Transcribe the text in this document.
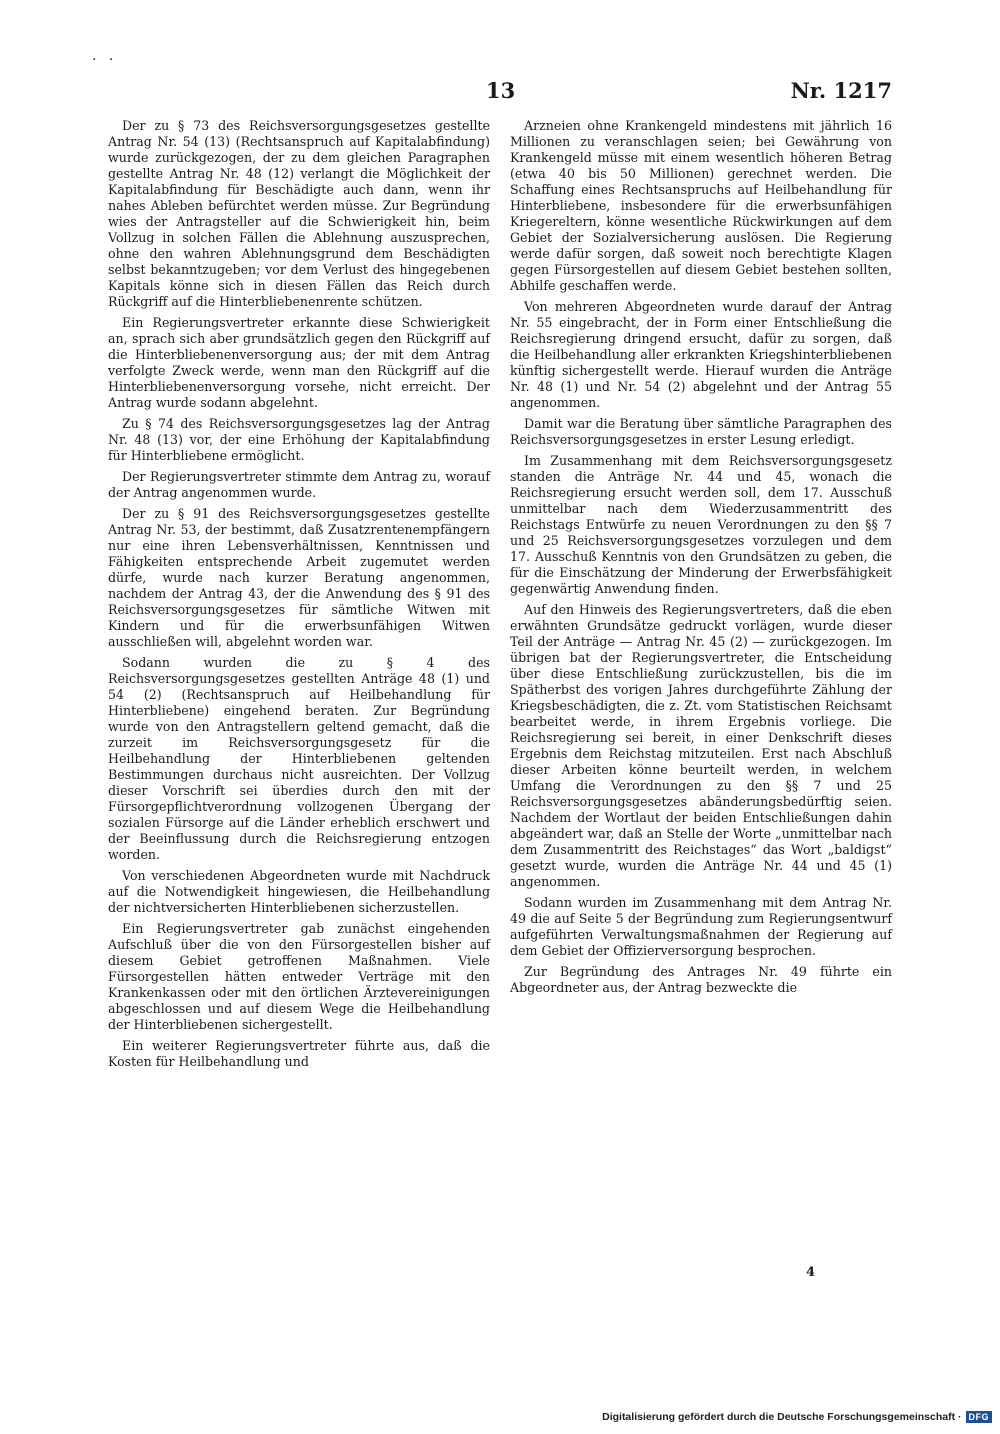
· ·
13	Nr. 1217

Der zu § 73 des Reichsversorgungsgesetzes gestellte Antrag Nr. 54 (13) (Rechtsanspruch auf Kapitalabfindung) wurde zurückgezogen, der zu dem gleichen Paragraphen gestellte Antrag Nr. 48 (12) verlangt die Möglichkeit der Kapitalabfindung für Beschädigte auch dann, wenn ihr nahes Ableben befürchtet werden müsse. Zur Begründung wies der Antragsteller auf die Schwierigkeit hin, beim Vollzug in solchen Fällen die Ablehnung auszusprechen, ohne den wahren Ablehnungsgrund dem Beschädigten selbst bekanntzugeben; vor dem Verlust des hingegebenen Kapitals könne sich in diesen Fällen das Reich durch Rückgriff auf die Hinterbliebenenrente schützen.

Ein Regierungsvertreter erkannte diese Schwierigkeit an, sprach sich aber grundsätzlich gegen den Rückgriff auf die Hinterbliebenenversorgung aus; der mit dem Antrag verfolgte Zweck werde, wenn man den Rückgriff auf die Hinterbliebenenversorgung vorsehe, nicht erreicht. Der Antrag wurde sodann abgelehnt.

Zu § 74 des Reichsversorgungsgesetzes lag der Antrag Nr. 48 (13) vor, der eine Erhöhung der Kapitalabfindung für Hinterbliebene ermöglicht.

Der Regierungsvertreter stimmte dem Antrag zu, worauf der Antrag angenommen wurde.

Der zu § 91 des Reichsversorgungsgesetzes gestellte Antrag Nr. 53, der bestimmt, daß Zusatzrentenempfängern nur eine ihren Lebensverhältnissen, Kenntnissen und Fähigkeiten entsprechende Arbeit zugemutet werden dürfe, wurde nach kurzer Beratung angenommen, nachdem der Antrag 43, der die Anwendung des § 91 des Reichsversorgungsgesetzes für sämtliche Witwen mit Kindern und für die erwerbsunfähigen Witwen ausschließen will, abgelehnt worden war.

Sodann wurden die zu § 4 des Reichsversorgungsgesetzes gestellten Anträge 48 (1) und 54 (2) (Rechtsanspruch auf Heilbehandlung für Hinterbliebene) eingehend beraten. Zur Begründung wurde von den Antragstellern geltend gemacht, daß die zurzeit im Reichsversorgungsgesetz für die Heilbehandlung der Hinterbliebenen geltenden Bestimmungen durchaus nicht ausreichten. Der Vollzug dieser Vorschrift sei überdies durch den mit der Fürsorgepflichtverordnung vollzogenen Übergang der sozialen Fürsorge auf die Länder erheblich erschwert und der Beeinflussung durch die Reichsregierung entzogen worden.

Von verschiedenen Abgeordneten wurde mit Nachdruck auf die Notwendigkeit hingewiesen, die Heilbehandlung der nichtversicherten Hinterbliebenen sicherzustellen.

Ein Regierungsvertreter gab zunächst eingehenden Aufschluß über die von den Fürsorgestellen bisher auf diesem Gebiet getroffenen Maßnahmen. Viele Fürsorgestellen hätten entweder Verträge mit den Krankenkassen oder mit den örtlichen Ärztevereinigungen abgeschlossen und auf diesem Wege die Heilbehandlung der Hinterbliebenen sichergestellt.

Ein weiterer Regierungsvertreter führte aus, daß die Kosten für Heilbehandlung und

Arzneien ohne Krankengeld mindestens mit jährlich 16 Millionen zu veranschlagen seien; bei Gewährung von Krankengeld müsse mit einem wesentlich höheren Betrag (etwa 40 bis 50 Millionen) gerechnet werden. Die Schaffung eines Rechtsanspruchs auf Heilbehandlung für Hinterbliebene, insbesondere für die erwerbsunfähigen Kriegereltern, könne wesentliche Rückwirkungen auf dem Gebiet der Sozialversicherung auslösen. Die Regierung werde dafür sorgen, daß soweit noch berechtigte Klagen gegen Fürsorgestellen auf diesem Gebiet bestehen sollten, Abhilfe geschaffen werde.

Von mehreren Abgeordneten wurde darauf der Antrag Nr. 55 eingebracht, der in Form einer Entschließung die Reichsregierung dringend ersucht, dafür zu sorgen, daß die Heilbehandlung aller erkrankten Kriegshinterbliebenen künftig sichergestellt werde. Hierauf wurden die Anträge Nr. 48 (1) und Nr. 54 (2) abgelehnt und der Antrag 55 angenommen.

Damit war die Beratung über sämtliche Paragraphen des Reichsversorgungsgesetzes in erster Lesung erledigt.

Im Zusammenhang mit dem Reichsversorgungsgesetz standen die Anträge Nr. 44 und 45, wonach die Reichsregierung ersucht werden soll, dem 17. Ausschuß unmittelbar nach dem Wiederzusammentritt des Reichstags Entwürfe zu neuen Verordnungen zu den §§ 7 und 25 Reichsversorgungsgesetzes vorzulegen und dem 17. Ausschuß Kenntnis von den Grundsätzen zu geben, die für die Einschätzung der Minderung der Erwerbsfähigkeit gegenwärtig Anwendung finden.

Auf den Hinweis des Regierungsvertreters, daß die eben erwähnten Grundsätze gedruckt vorlägen, wurde dieser Teil der Anträge — Antrag Nr. 45 (2) — zurückgezogen. Im übrigen bat der Regierungsvertreter, die Entscheidung über diese Entschließung zurückzustellen, bis die im Spätherbst des vorigen Jahres durchgeführte Zählung der Kriegsbeschädigten, die z. Zt. vom Statistischen Reichsamt bearbeitet werde, in ihrem Ergebnis vorliege. Die Reichsregierung sei bereit, in einer Denkschrift dieses Ergebnis dem Reichstag mitzuteilen. Erst nach Abschluß dieser Arbeiten könne beurteilt werden, in welchem Umfang die Verordnungen zu den §§ 7 und 25 Reichsversorgungsgesetzes abänderungsbedürftig seien. Nachdem der Wortlaut der beiden Entschließungen dahin abgeändert war, daß an Stelle der Worte „unmittelbar nach dem Zusammentritt des Reichstages“ das Wort „baldigst“ gesetzt wurde, wurden die Anträge Nr. 44 und 45 (1) angenommen.

Sodann wurden im Zusammenhang mit dem Antrag Nr. 49 die auf Seite 5 der Begründung zum Regierungsentwurf aufgeführten Verwaltungsmaßnahmen der Regierung auf dem Gebiet der Offizierversorgung besprochen.

Zur Begründung des Antrages Nr. 49 führte ein Abgeordneter aus, der Antrag bezweckte die

4
Digitalisierung gefördert durch die Deutsche Forschungsgemeinschaft · DFG
